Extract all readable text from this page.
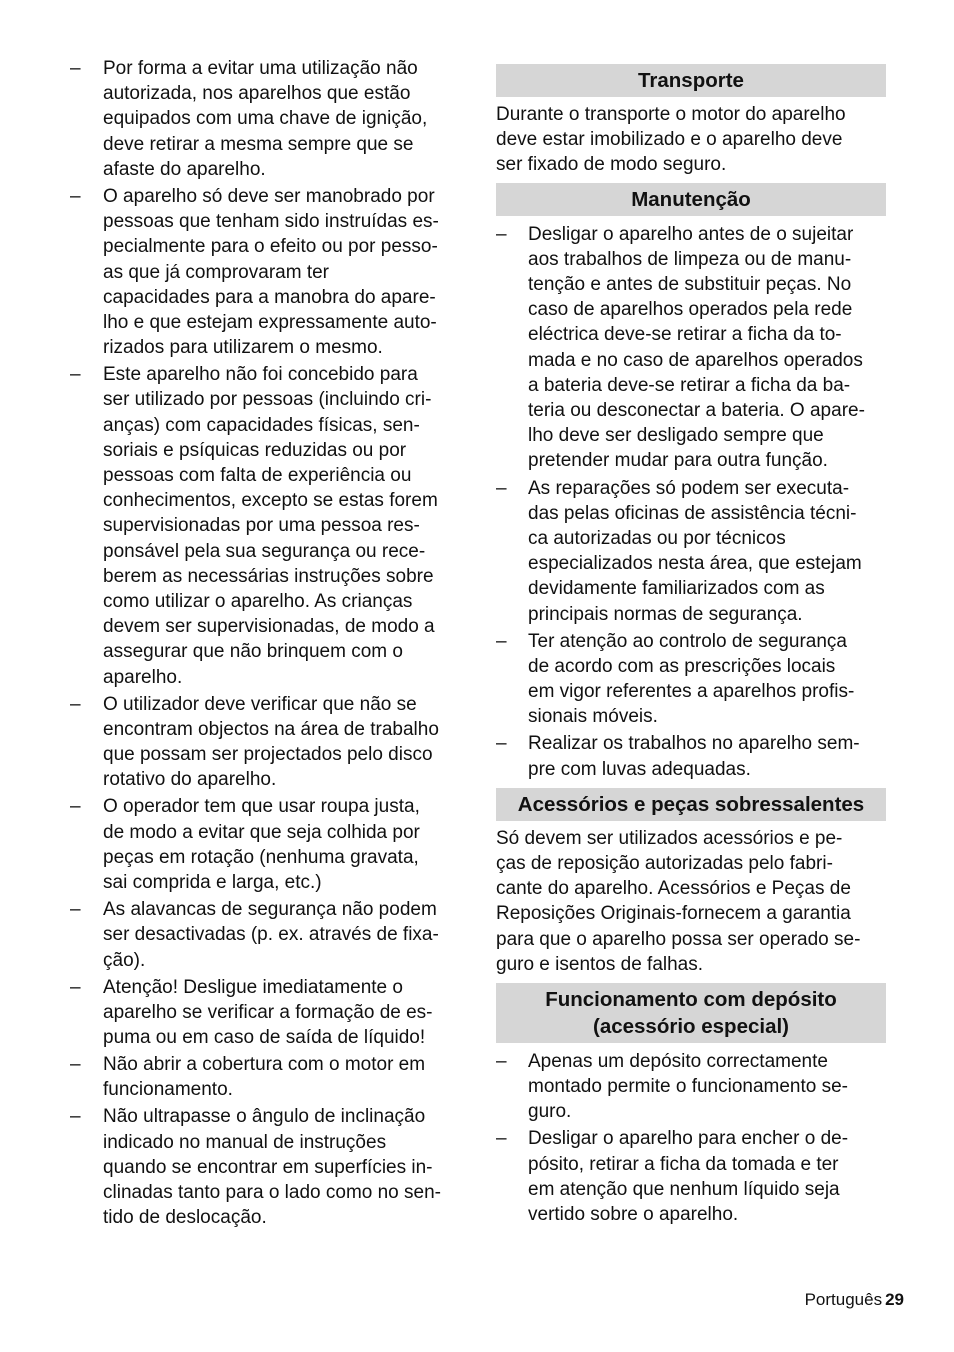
– Por forma a evitar uma utilização não
autorizada, nos aparelhos que estão
equipados com uma chave de ignição,
deve retirar a mesma sempre que se
afaste do aparelho.
– O aparelho só deve ser manobrado por
pessoas que tenham sido instruídas es-
pecialmente para o efeito ou por pesso-
as que já comprovaram ter
capacidades para a manobra do apare-
lho e que estejam expressamente auto-
rizados para utilizarem o mesmo.
– Este aparelho não foi concebido para
ser utilizado por pessoas (incluindo cri-
anças) com capacidades físicas, sen-
soriais e psíquicas reduzidas ou por
pessoas com falta de experiência ou
conhecimentos, excepto se estas forem
supervisionadas por uma pessoa res-
ponsável pela sua segurança ou rece-
berem as necessárias instruções sobre
como utilizar o aparelho. As crianças
devem ser supervisionadas, de modo a
assegurar que não brinquem com o
aparelho.
– O utilizador deve verificar que não se
encontram objectos na área de trabalho
que possam ser projectados pelo disco
rotativo do aparelho.
– O operador tem que usar roupa justa,
de modo a evitar que seja colhida por
peças em rotação (nenhuma gravata,
sai comprida e larga, etc.)
– As alavancas de segurança não podem
ser desactivadas (p. ex. através de fixa-
ção).
– Atenção! Desligue imediatamente o
aparelho se verificar a formação de es-
puma ou em caso de saída de líquido!
– Não abrir a cobertura com o motor em
funcionamento.
– Não ultrapasse o ângulo de inclinação
indicado no manual de instruções
quando se encontrar em superfícies in-
clinadas tanto para o lado como no sen-
tido de deslocação.
Transporte
Durante o transporte o motor do aparelho
deve estar imobilizado e o aparelho deve
ser fixado de modo seguro.
Manutenção
– Desligar o aparelho antes de o sujeitar
aos trabalhos de limpeza ou de manu-
tenção e antes de substituir peças. No
caso de aparelhos operados pela rede
eléctrica deve-se retirar a ficha da to-
mada e no caso de aparelhos operados
a bateria deve-se retirar a ficha da ba-
teria ou desconectar a bateria. O apare-
lho deve ser desligado sempre que
pretender mudar para outra função.
– As reparações só podem ser executa-
das pelas oficinas de assistência técni-
ca autorizadas ou por técnicos
especializados nesta área, que estejam
devidamente familiarizados com as
principais normas de segurança.
– Ter atenção ao controlo de segurança
de acordo com as prescrições locais
em vigor referentes a aparelhos profis-
sionais móveis.
– Realizar os trabalhos no aparelho sem-
pre com luvas adequadas.
Acessórios e peças sobressalentes
Só devem ser utilizados acessórios e pe-
ças de reposição autorizadas pelo fabri-
cante do aparelho. Acessórios e Peças de
Reposições Originais-fornecem a garantia
para que o aparelho possa ser operado se-
guro e isentos de falhas.
Funcionamento com depósito
(acessório especial)
– Apenas um depósito correctamente
montado permite o funcionamento se-
guro.
– Desligar o aparelho para encher o de-
pósito, retirar a ficha da tomada e ter
em atenção que nenhum líquido seja
vertido sobre o aparelho.
Português 29
